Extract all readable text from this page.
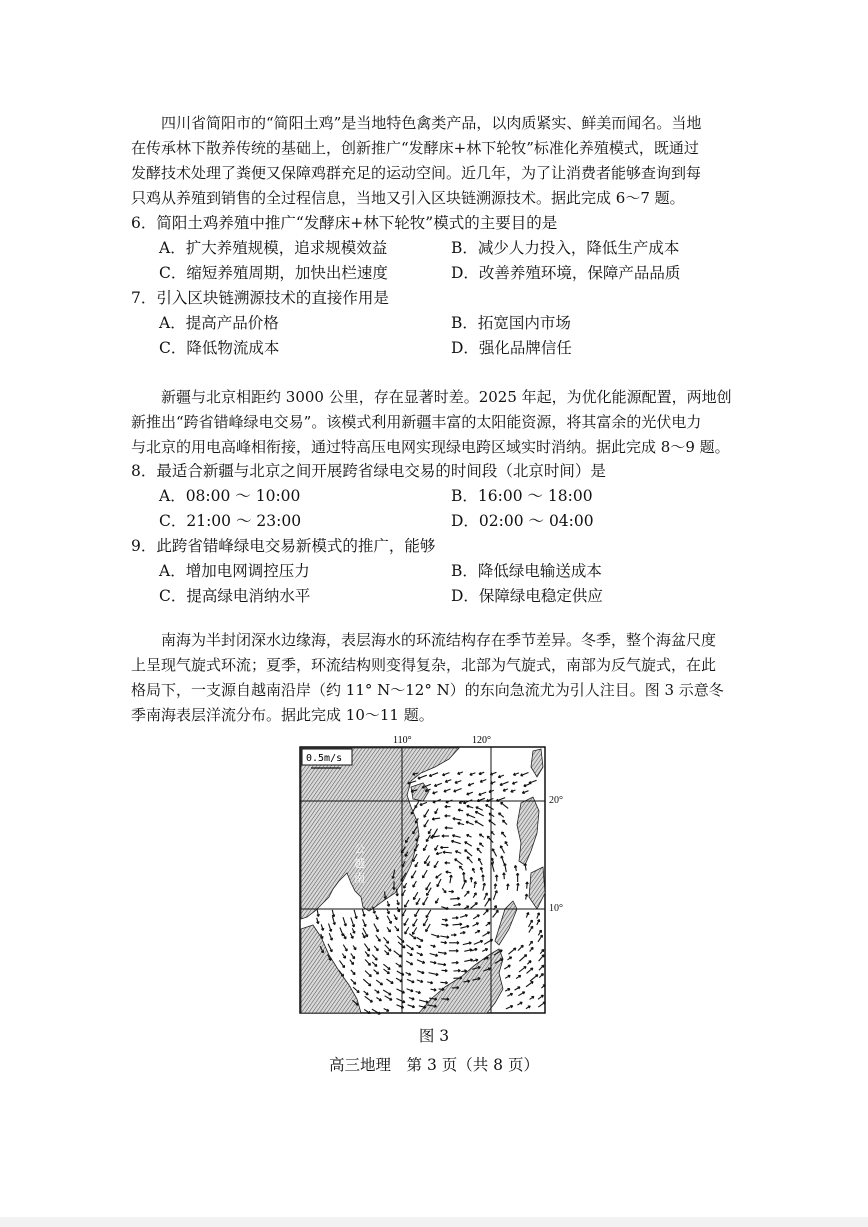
　　四川省简阳市的“简阳土鸡”是当地特色禽类产品，以肉质紧实、鲜美而闻名。当地
在传承林下散养传统的基础上，创新推广“发酵床+林下轮牧”标准化养殖模式，既通过
发酵技术处理了粪便又保障鸡群充足的运动空间。近几年，为了让消费者能够查询到每
只鸡从养殖到销售的全过程信息，当地又引入区块链溯源技术。据此完成 6～7 题。
6．简阳土鸡养殖中推广“发酵床+林下轮牧”模式的主要目的是
A．扩大养殖规模，追求规模效益	B．减少人力投入，降低生产成本
C．缩短养殖周期，加快出栏速度	D．改善养殖环境，保障产品品质
7．引入区块链溯源技术的直接作用是
A．提高产品价格	B．拓宽国内市场
C．降低物流成本	D．强化品牌信任
　　新疆与北京相距约 3000 公里，存在显著时差。2025 年起，为优化能源配置，两地创
新推出“跨省错峰绿电交易”。该模式利用新疆丰富的太阳能资源，将其富余的光伏电力
与北京的用电高峰相衔接，通过特高压电网实现绿电跨区域实时消纳。据此完成 8～9 题。
8．最适合新疆与北京之间开展跨省绿电交易的时间段（北京时间）是
A．08:00 ～ 10:00	B．16:00 ～ 18:00
C．21:00 ～ 23:00	D．02:00 ～ 04:00
9．此跨省错峰绿电交易新模式的推广，能够
A．增加电网调控压力	B．降低绿电输送成本
C．提高绿电消纳水平	D．保障绿电稳定供应
　　南海为半封闭深水边缘海，表层海水的环流结构存在季节差异。冬季，整个海盆尺度
上呈现气旋式环流；夏季，环流结构则变得复杂，北部为气旋式，南部为反气旋式，在此
格局下，一支源自越南沿岸（约 11° N～12° N）的东向急流尤为引人注目。图 3 示意冬
季南海表层洋流分布。据此完成 10～11 题。
0.5m/s
公 越 南
110°	120°
20°
10°
图 3
高三地理　第 3 页（共 8 页）
